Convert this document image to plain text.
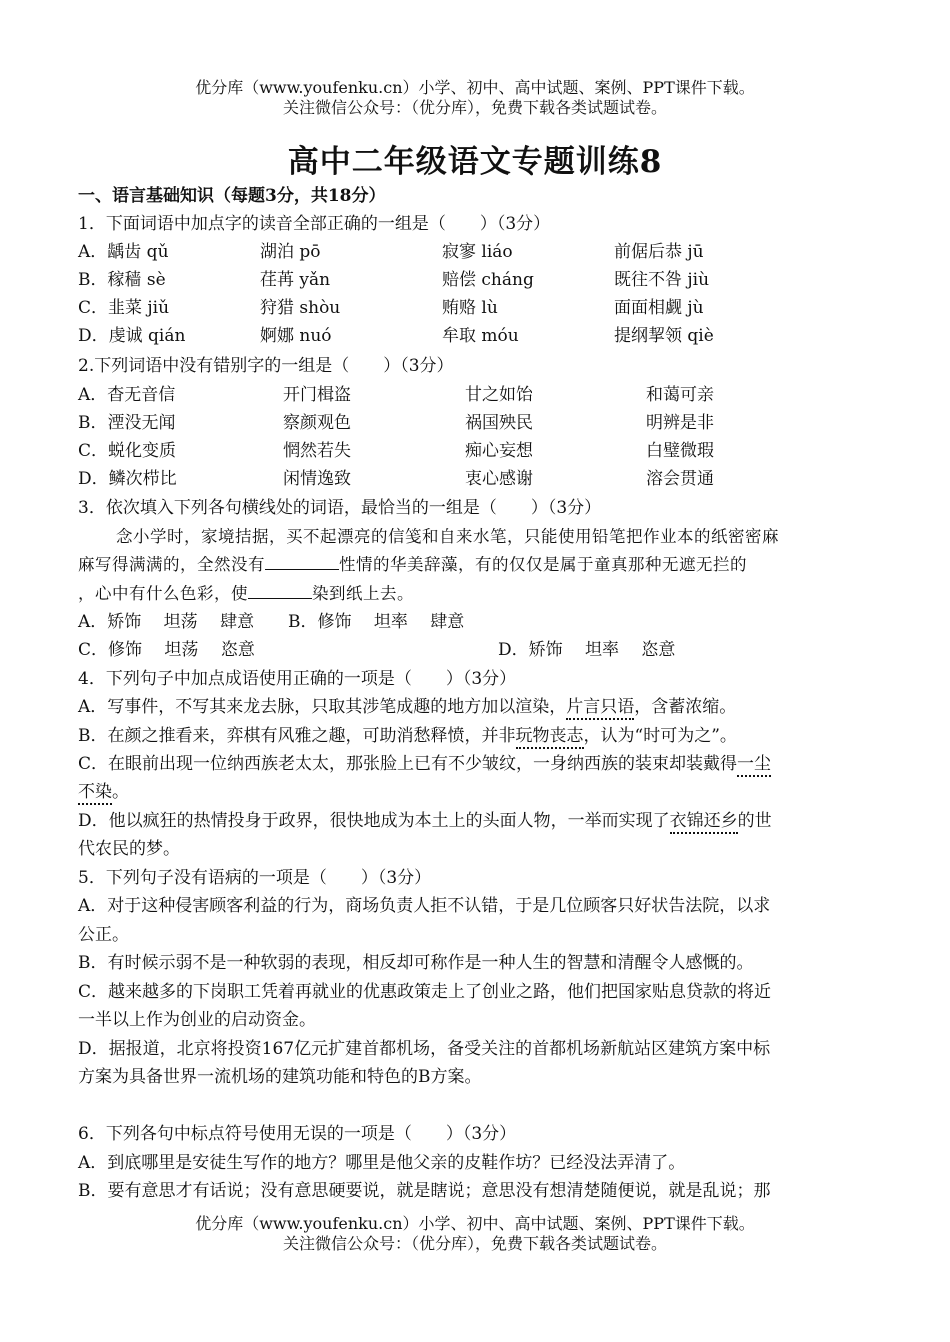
优分库（www.youfenku.cn）小学、初中、高中试题、案例、PPT课件下载。
关注微信公众号：（优分库），免费下载各类试题试卷。
高中二年级语文专题训练8
一、语言基础知识（每题3分，共18分）
1．下面词语中加点字的读音全部正确的一组是（　　）（3分）
A．龋齿 qǔ	湖泊 pō	寂寥 liáo	前倨后恭 jū
B．稼穑 sè	荏苒 yǎn	赔偿 cháng	既往不咎 jiù
C．韭菜 jiǔ	狩猎 shòu	贿赂 lù	面面相觑 jù
D．虔诚 qián	婀娜 nuó	牟取 móu	提纲挈领 qiè
2.下列词语中没有错别字的一组是（　　）（3分）
A．杳无音信	开门楫盗	甘之如饴	和蔼可亲
B．湮没无闻	察颜观色	祸国殃民	明辨是非
C．蜕化变质	惘然若失	痴心妄想	白璧微瑕
D．鳞次栉比	闲情逸致	衷心感谢	溶会贯通
3．依次填入下列各句横线处的词语，最恰当的一组是（　　）（3分）
念小学时，家境拮据，买不起漂亮的信笺和自来水笔，只能使用铅笔把作业本的纸密密麻
麻写得满满的，全然没有	性情的华美辞藻，有的仅仅是属于童真那种无遮无拦的
，心中有什么色彩，使	染到纸上去。
A．矫饰　 坦荡　 肆意 B．修饰　 坦率　 肆意
C．修饰　 坦荡　 恣意	D．矫饰　 坦率　 恣意
4．下列句子中加点成语使用正确的一项是（　　）（3分）
A．写事件，不写其来龙去脉，只取其涉笔成趣的地方加以渲染，片言只语，含蓄浓缩。
B．在颜之推看来，弈棋有风雅之趣，可助消愁释愤，并非玩物丧志，认为“时可为之”。
C．在眼前出现一位纳西族老太太，那张脸上已有不少皱纹，一身纳西族的装束却装戴得一尘
不染。
D．他以疯狂的热情投身于政界，很快地成为本土上的头面人物，一举而实现了衣锦还乡的世
代农民的梦。
5．下列句子没有语病的一项是（　　）（3分）
A．对于这种侵害顾客利益的行为，商场负责人拒不认错，于是几位顾客只好状告法院，以求
公正。
B．有时候示弱不是一种软弱的表现，相反却可称作是一种人生的智慧和清醒令人感慨的。
C．越来越多的下岗职工凭着再就业的优惠政策走上了创业之路，他们把国家贴息贷款的将近
一半以上作为创业的启动资金。
D．据报道，北京将投资167亿元扩建首都机场，备受关注的首都机场新航站区建筑方案中标
方案为具备世界一流机场的建筑功能和特色的B方案。
6．下列各句中标点符号使用无误的一项是（　　）（3分）
A．到底哪里是安徒生写作的地方？哪里是他父亲的皮鞋作坊？已经没法弄清了。
B．要有意思才有话说；没有意思硬要说，就是瞎说；意思没有想清楚随便说，就是乱说；那
优分库（www.youfenku.cn）小学、初中、高中试题、案例、PPT课件下载。
关注微信公众号：（优分库），免费下载各类试题试卷。
